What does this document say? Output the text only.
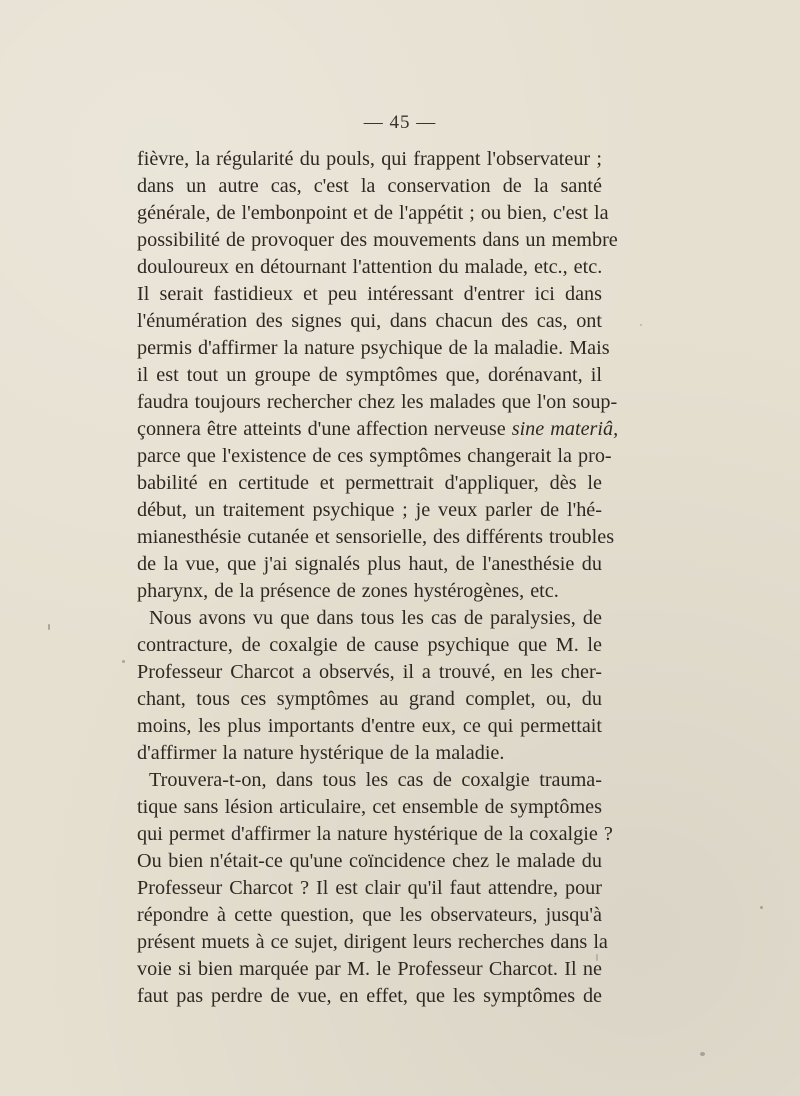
— 45 —
fièvre, la régularité du pouls, qui frappent l'observateur ;
dans un autre cas, c'est la conservation de la santé
générale, de l'embonpoint et de l'appétit ; ou bien, c'est la
possibilité de provoquer des mouvements dans un membre
douloureux en détournant l'attention du malade, etc., etc.
Il serait fastidieux et peu intéressant d'entrer ici dans
l'énumération des signes qui, dans chacun des cas, ont
permis d'affirmer la nature psychique de la maladie. Mais
il est tout un groupe de symptômes que, dorénavant, il
faudra toujours rechercher chez les malades que l'on soup-
çonnera être atteints d'une affection nerveuse sine materiâ,
parce que l'existence de ces symptômes changerait la pro-
babilité en certitude et permettrait d'appliquer, dès le
début, un traitement psychique ; je veux parler de l'hé-
mianesthésie cutanée et sensorielle, des différents troubles
de la vue, que j'ai signalés plus haut, de l'anesthésie du
pharynx, de la présence de zones hystérogènes, etc.
Nous avons vu que dans tous les cas de paralysies, de
contracture, de coxalgie de cause psychique que M. le
Professeur Charcot a observés, il a trouvé, en les cher-
chant, tous ces symptômes au grand complet, ou, du
moins, les plus importants d'entre eux, ce qui permettait
d'affirmer la nature hystérique de la maladie.
Trouvera-t-on, dans tous les cas de coxalgie trauma-
tique sans lésion articulaire, cet ensemble de symptômes
qui permet d'affirmer la nature hystérique de la coxalgie ?
Ou bien n'était-ce qu'une coïncidence chez le malade du
Professeur Charcot ? Il est clair qu'il faut attendre, pour
répondre à cette question, que les observateurs, jusqu'à
présent muets à ce sujet, dirigent leurs recherches dans la
voie si bien marquée par M. le Professeur Charcot. Il ne
faut pas perdre de vue, en effet, que les symptômes de
